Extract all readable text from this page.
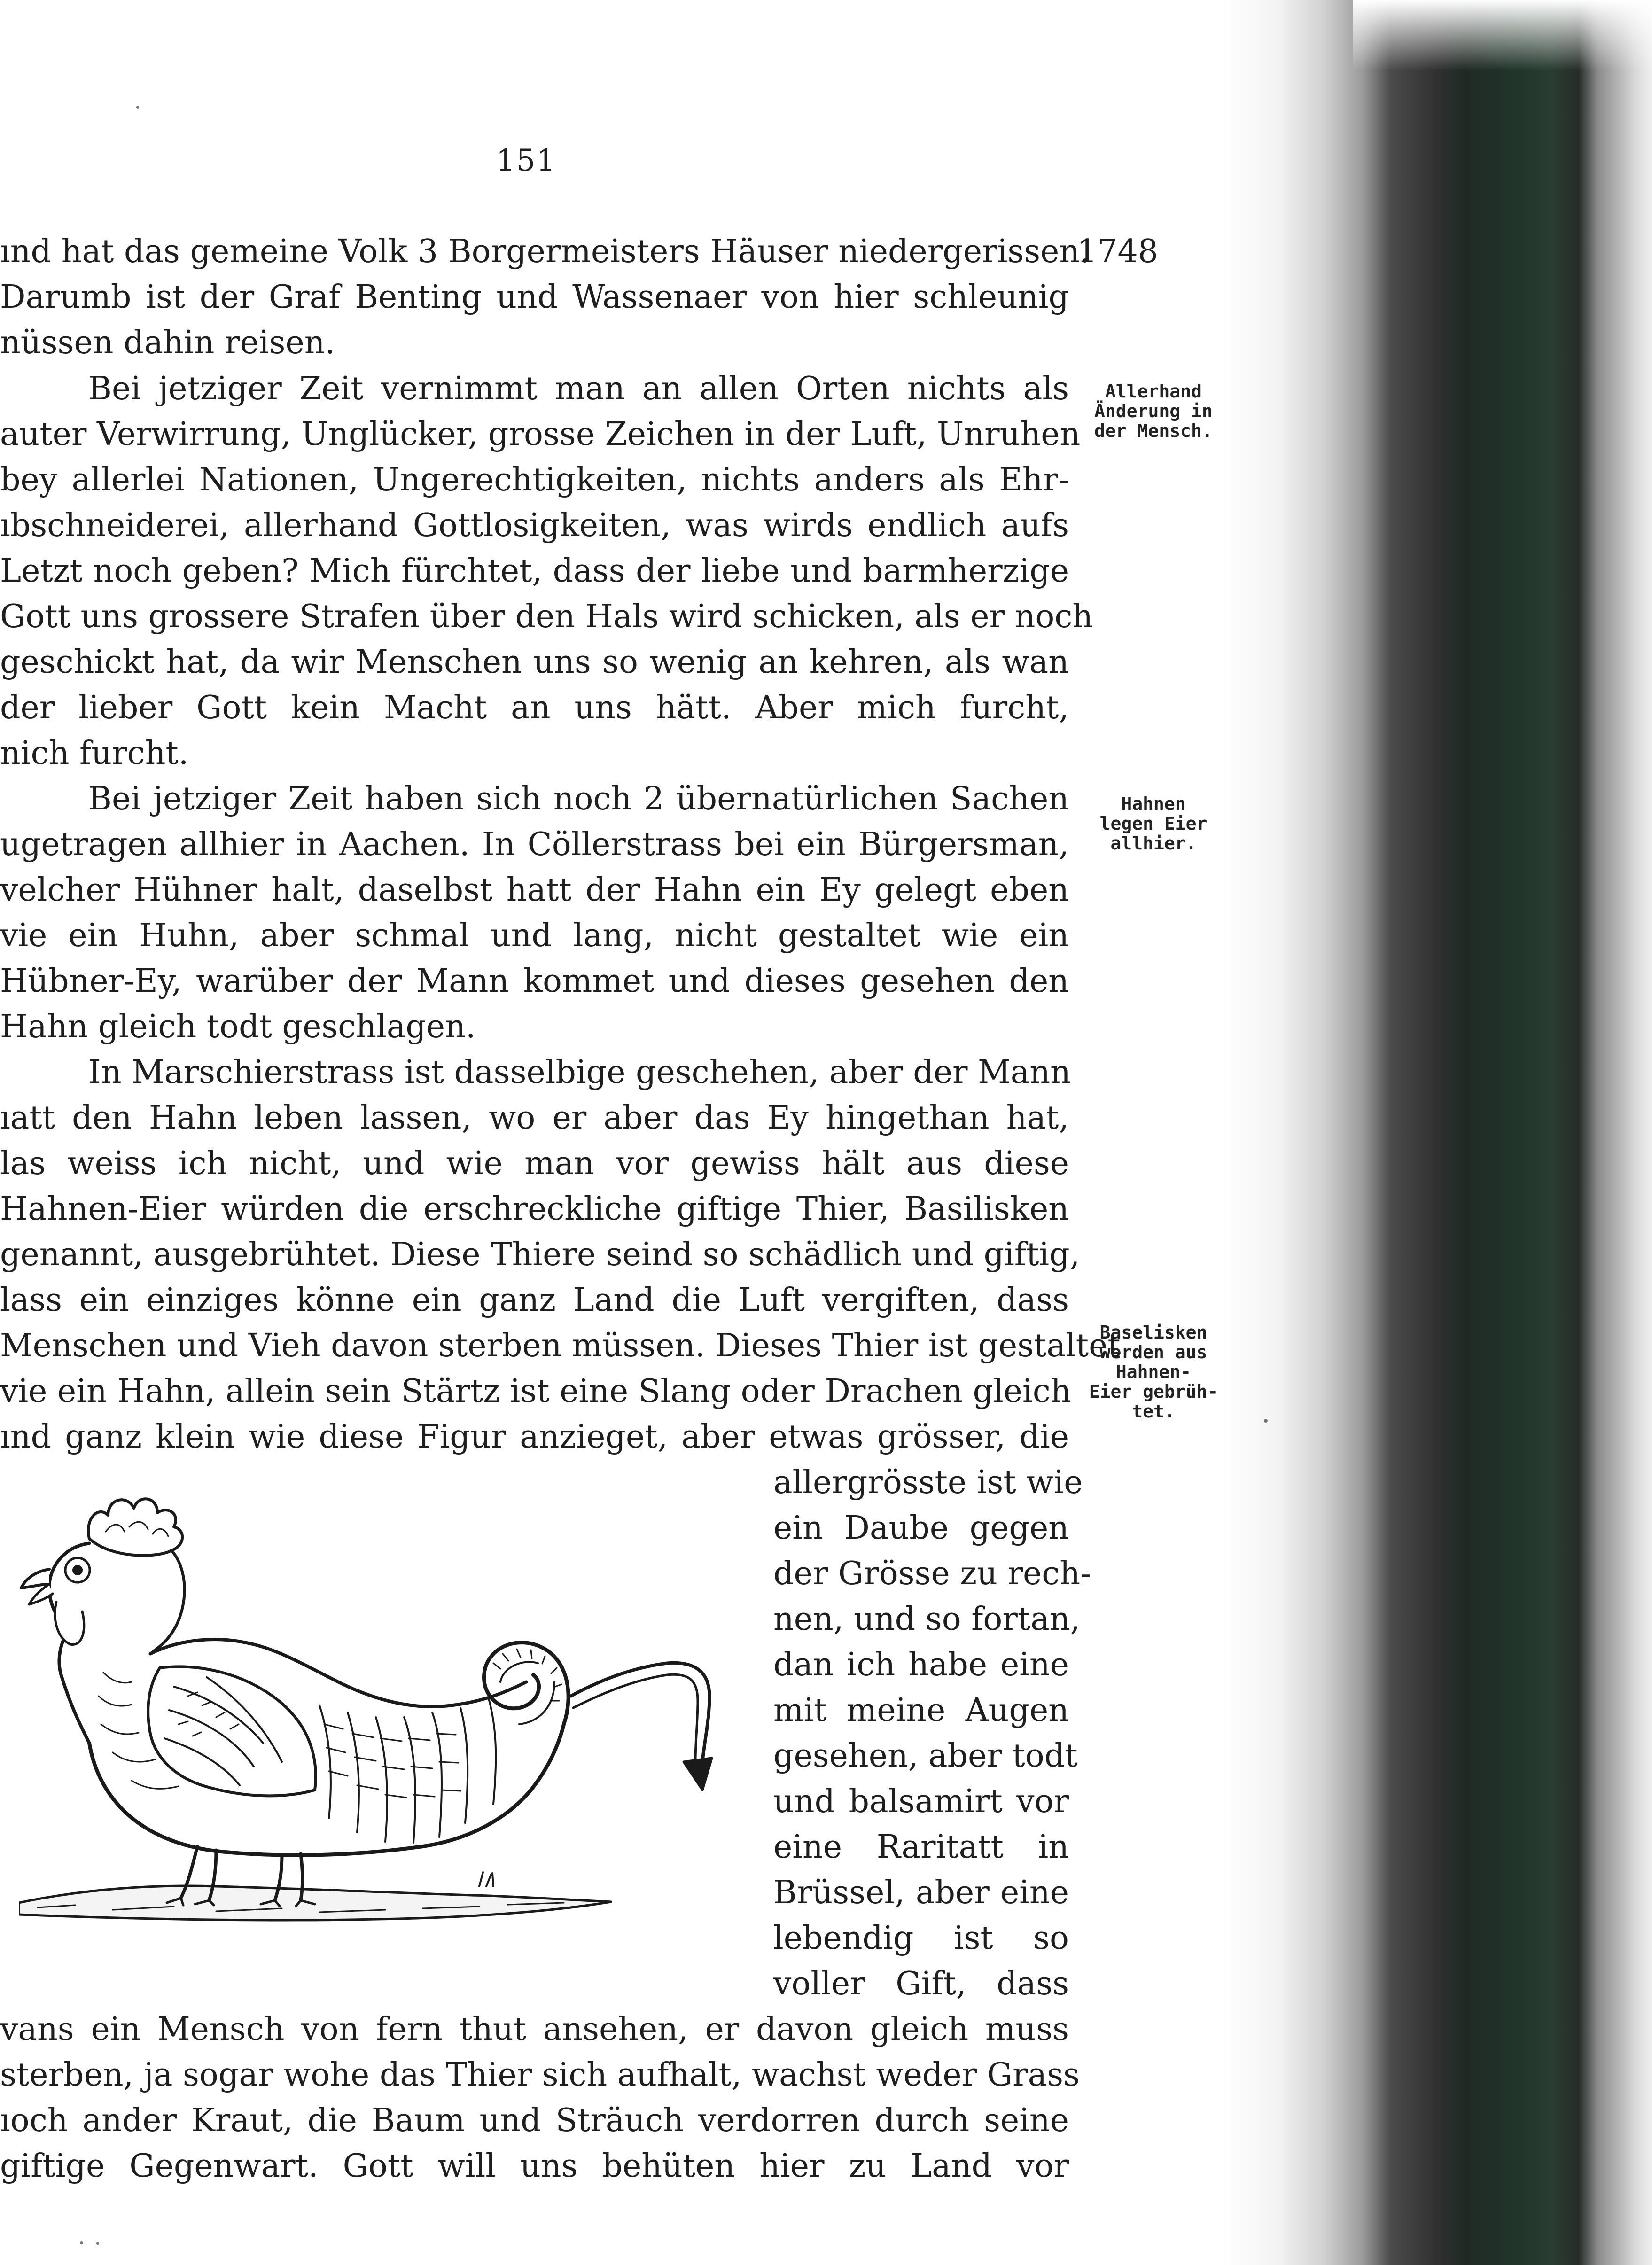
151
1748
ınd hat das gemeine Volk 3 Borgermeisters Häuser niedergerissen.
Darumb ist der Graf Benting und Wassenaer von hier schleunig
nüssen dahin reisen.
Bei jetziger Zeit vernimmt man an allen Orten nichts als
auter Verwirrung, Unglücker, grosse Zeichen in der Luft, Unruhen
bey allerlei Nationen, Ungerechtigkeiten, nichts anders als Ehr-
ıbschneiderei, allerhand Gottlosigkeiten, was wirds endlich aufs
Letzt noch geben? Mich fürchtet, dass der liebe und barmherzige
Gott uns grossere Strafen über den Hals wird schicken, als er noch
geschickt hat, da wir Menschen uns so wenig an kehren, als wan
der lieber Gott kein Macht an uns hätt. Aber mich furcht,
nich furcht.
Bei jetziger Zeit haben sich noch 2 übernatürlichen Sachen
ugetragen allhier in Aachen. In Cöllerstrass bei ein Bürgersman,
velcher Hühner halt, daselbst hatt der Hahn ein Ey gelegt eben
vie ein Huhn, aber schmal und lang, nicht gestaltet wie ein
Hübner-Ey, warüber der Mann kommet und dieses gesehen den
Hahn gleich todt geschlagen.
In Marschierstrass ist dasselbige geschehen, aber der Mann
ıatt den Hahn leben lassen, wo er aber das Ey hingethan hat,
las weiss ich nicht, und wie man vor gewiss hält aus diese
Hahnen-Eier würden die erschreckliche giftige Thier, Basilisken
genannt, ausgebrühtet. Diese Thiere seind so schädlich und giftig,
lass ein einziges könne ein ganz Land die Luft vergiften, dass
Menschen und Vieh davon sterben müssen. Dieses Thier ist gestaltet
vie ein Hahn, allein sein Stärtz ist eine Slang oder Drachen gleich
ınd ganz klein wie diese Figur anzieget, aber etwas grösser, die
allergrösste ist wie
ein Daube gegen
der Grösse zu rech-
nen, und so fortan,
dan ich habe eine
mit meine Augen
gesehen, aber todt
und balsamirt vor
eine Raritatt in
Brüssel, aber eine
lebendig ist so
voller Gift, dass
vans ein Mensch von fern thut ansehen, er davon gleich muss
sterben, ja sogar wohe das Thier sich aufhalt, wachst weder Grass
ıoch ander Kraut, die Baum und Sträuch verdorren durch seine
giftige Gegenwart. Gott will uns behüten hier zu Land vor
Allerhand
Änderung in
der Mensch.
Hahnen
legen Eier
allhier.
Baselisken
werden aus
Hahnen-
Eier gebrüh-
tet.
